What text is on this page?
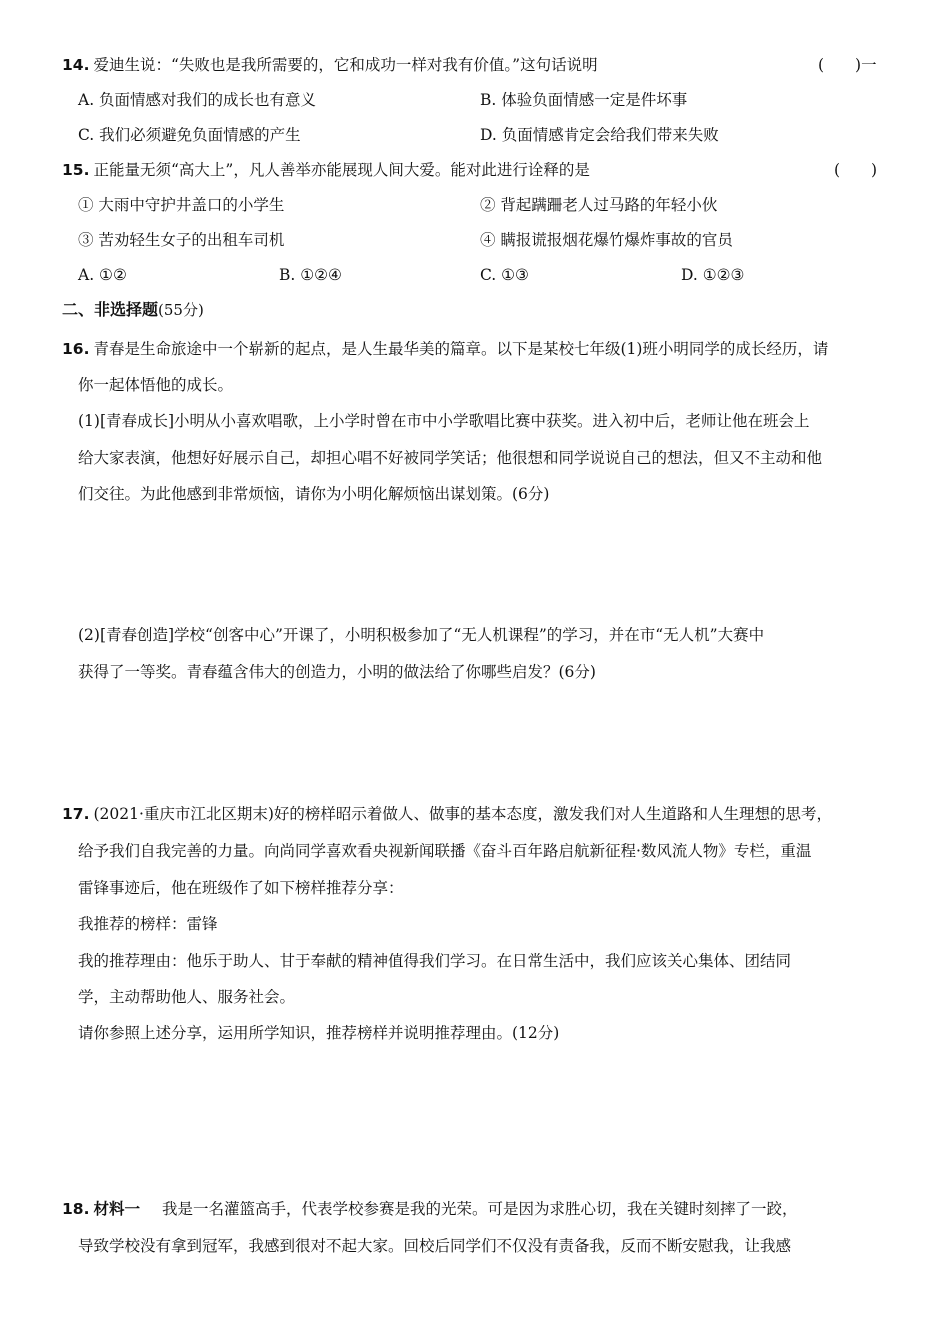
14. 爱迪生说：“失败也是我所需要的，它和成功一样对我有价值。”这句话说明	(　　)一
A. 负面情感对我们的成长也有意义	B. 体验负面情感一定是件坏事
C. 我们必须避免负面情感的产生	D. 负面情感肯定会给我们带来失败
15. 正能量无须“高大上”，凡人善举亦能展现人间大爱。能对此进行诠释的是	(　　)
① 大雨中守护井盖口的小学生	② 背起蹒跚老人过马路的年轻小伙
③ 苦劝轻生女子的出租车司机	④ 瞒报谎报烟花爆竹爆炸事故的官员
A. ①②	B. ①②④	C. ①③	D. ①②③
二、非选择题(55分)
16. 青春是生命旅途中一个崭新的起点，是人生最华美的篇章。以下是某校七年级(1)班小明同学的成长经历，请
你一起体悟他的成长。
(1)[青春成长]小明从小喜欢唱歌，上小学时曾在市中小学歌唱比赛中获奖。进入初中后，老师让他在班会上
给大家表演，他想好好展示自己，却担心唱不好被同学笑话；他很想和同学说说自己的想法，但又不主动和他
们交往。为此他感到非常烦恼，请你为小明化解烦恼出谋划策。(6分)
(2)[青春创造]学校“创客中心”开课了，小明积极参加了“无人机课程”的学习，并在市“无人机”大赛中
获得了一等奖。青春蕴含伟大的创造力，小明的做法给了你哪些启发？(6分)
17. (2021·重庆市江北区期末)好的榜样昭示着做人、做事的基本态度，激发我们对人生道路和人生理想的思考，
给予我们自我完善的力量。向尚同学喜欢看央视新闻联播《奋斗百年路启航新征程·数风流人物》专栏，重温
雷锋事迹后，他在班级作了如下榜样推荐分享：
我推荐的榜样：雷锋
我的推荐理由：他乐于助人、甘于奉献的精神值得我们学习。在日常生活中，我们应该关心集体、团结同
学，主动帮助他人、服务社会。
请你参照上述分享，运用所学知识，推荐榜样并说明推荐理由。(12分)
18. 材料一 我是一名灌篮高手，代表学校参赛是我的光荣。可是因为求胜心切，我在关键时刻摔了一跤，
导致学校没有拿到冠军，我感到很对不起大家。回校后同学们不仅没有责备我，反而不断安慰我，让我感
